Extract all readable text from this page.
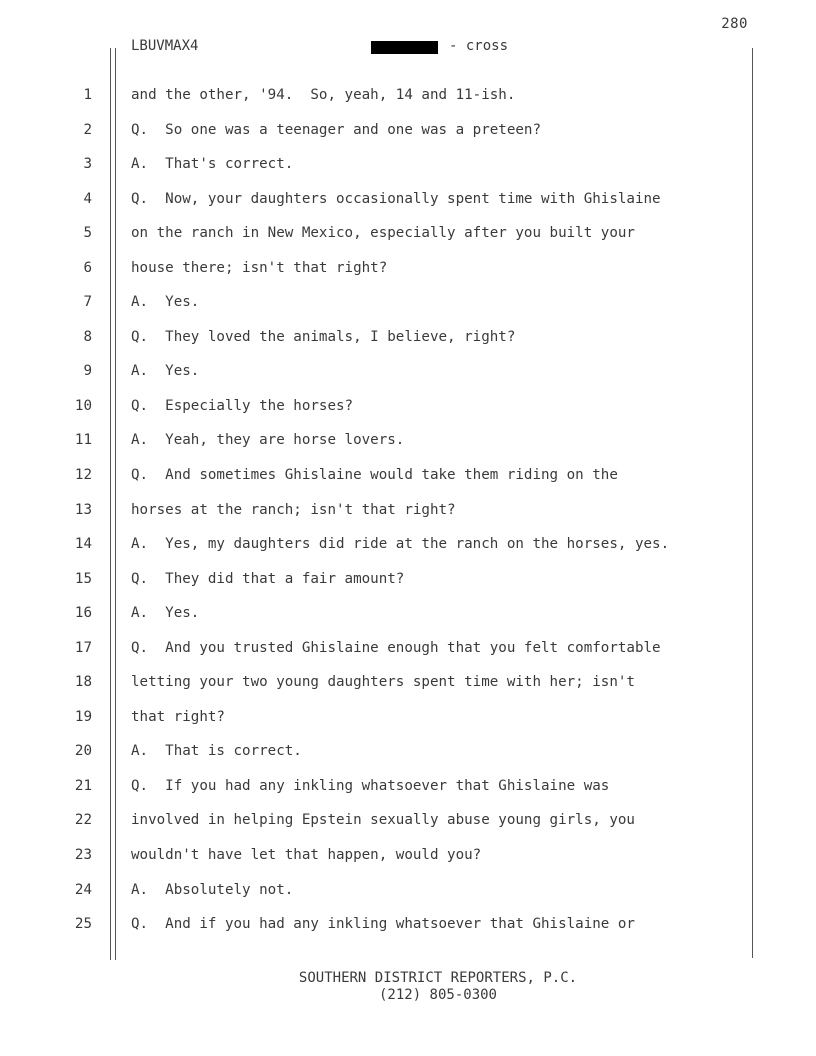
280
LBUVMAX4	- cross
1	and the other, '94.  So, yeah, 14 and 11-ish.
2	Q.  So one was a teenager and one was a preteen?
3	A.  That's correct.
4	Q.  Now, your daughters occasionally spent time with Ghislaine
5	on the ranch in New Mexico, especially after you built your
6	house there; isn't that right?
7	A.  Yes.
8	Q.  They loved the animals, I believe, right?
9	A.  Yes.
10	Q.  Especially the horses?
11	A.  Yeah, they are horse lovers.
12	Q.  And sometimes Ghislaine would take them riding on the
13	horses at the ranch; isn't that right?
14	A.  Yes, my daughters did ride at the ranch on the horses, yes.
15	Q.  They did that a fair amount?
16	A.  Yes.
17	Q.  And you trusted Ghislaine enough that you felt comfortable
18	letting your two young daughters spent time with her; isn't
19	that right?
20	A.  That is correct.
21	Q.  If you had any inkling whatsoever that Ghislaine was
22	involved in helping Epstein sexually abuse young girls, you
23	wouldn't have let that happen, would you?
24	A.  Absolutely not.
25	Q.  And if you had any inkling whatsoever that Ghislaine or
SOUTHERN DISTRICT REPORTERS, P.C.
(212) 805-0300
